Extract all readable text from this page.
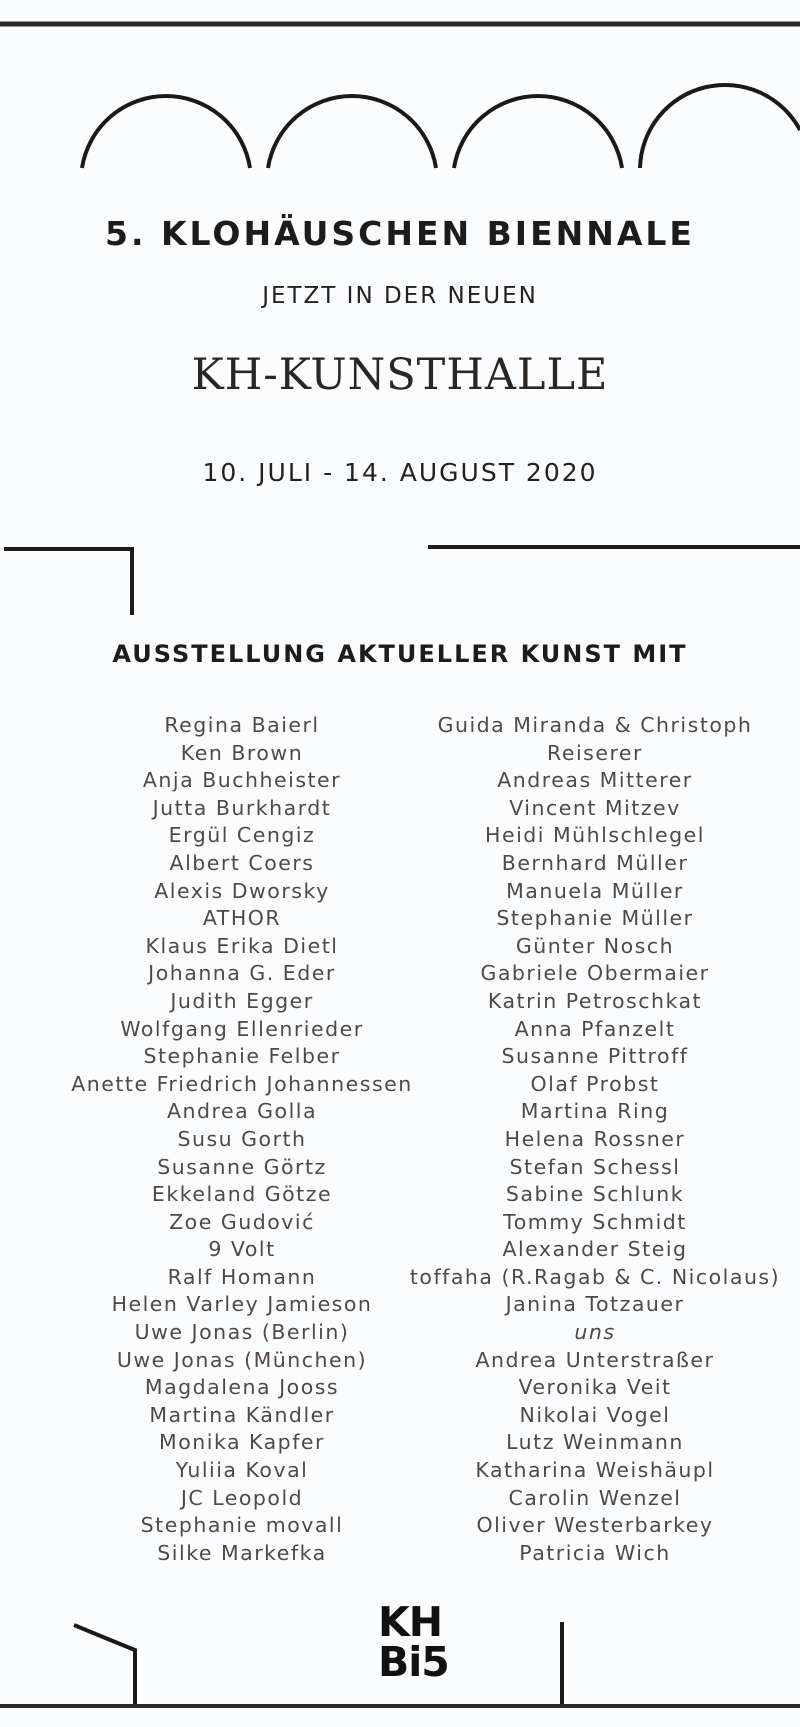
5. KLOHÄUSCHEN BIENNALE
JETZT IN DER NEUEN
KH-KUNSTHALLE
10. JULI - 14. AUGUST 2020
AUSSTELLUNG AKTUELLER KUNST MIT
Regina Baierl
Ken Brown
Anja Buchheister
Jutta Burkhardt
Ergül Cengiz
Albert Coers
Alexis Dworsky
ATHOR
Klaus Erika Dietl
Johanna G. Eder
Judith Egger
Wolfgang Ellenrieder
Stephanie Felber
Anette Friedrich Johannessen
Andrea Golla
Susu Gorth
Susanne Görtz
Ekkeland Götze
Zoe Gudović
9 Volt
Ralf Homann
Helen Varley Jamieson
Uwe Jonas (Berlin)
Uwe Jonas (München)
Magdalena Jooss
Martina Kändler
Monika Kapfer
Yuliia Koval
JC Leopold
Stephanie movall
Silke Markefka
Guida Miranda & Christoph
Reiserer
Andreas Mitterer
Vincent Mitzev
Heidi Mühlschlegel
Bernhard Müller
Manuela Müller
Stephanie Müller
Günter Nosch
Gabriele Obermaier
Katrin Petroschkat
Anna Pfanzelt
Susanne Pittroff
Olaf Probst
Martina Ring
Helena Rossner
Stefan Schessl
Sabine Schlunk
Tommy Schmidt
Alexander Steig
toffaha (R.Ragab & C. Nicolaus)
Janina Totzauer
uns
Andrea Unterstraßer
Veronika Veit
Nikolai Vogel
Lutz Weinmann
Katharina Weishäupl
Carolin Wenzel
Oliver Westerbarkey
Patricia Wich
KH
Bi5
